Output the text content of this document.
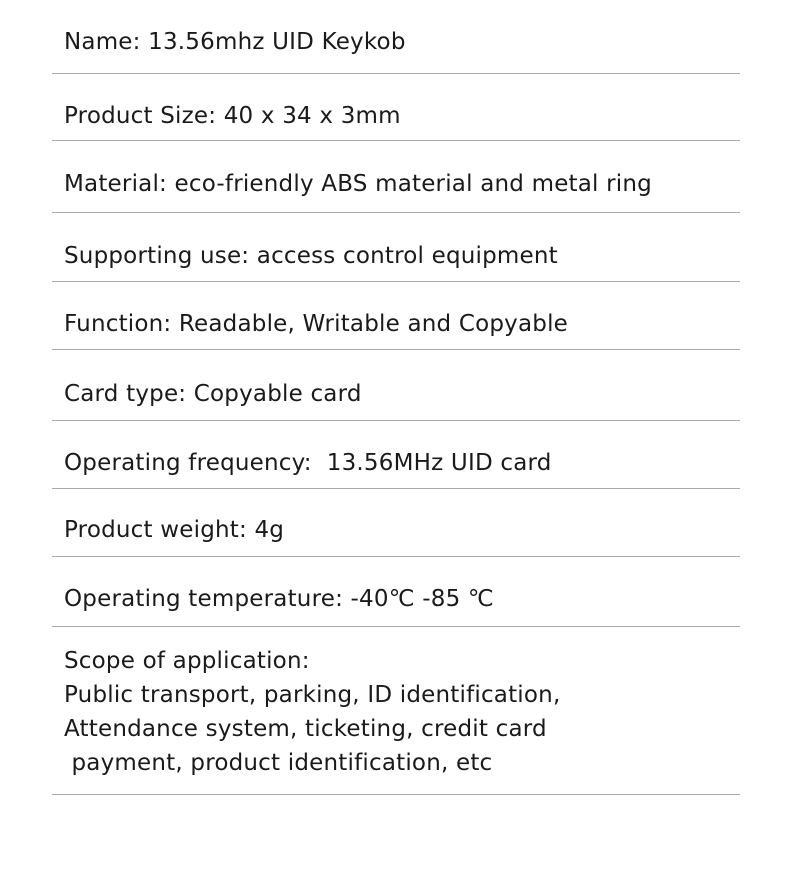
Name: 13.56mhz UID Keykob
Product Size: 40 x 34 x 3mm
Material: eco-friendly ABS material and metal ring
Supporting use: access control equipment
Function: Readable, Writable and Copyable
Card type: Copyable card
Operating frequency:  13.56MHz UID card
Product weight: 4g
Operating temperature: -40℃ -85 ℃
Scope of application:
Public transport, parking, ID identification,
Attendance system, ticketing, credit card
payment, product identification, etc
